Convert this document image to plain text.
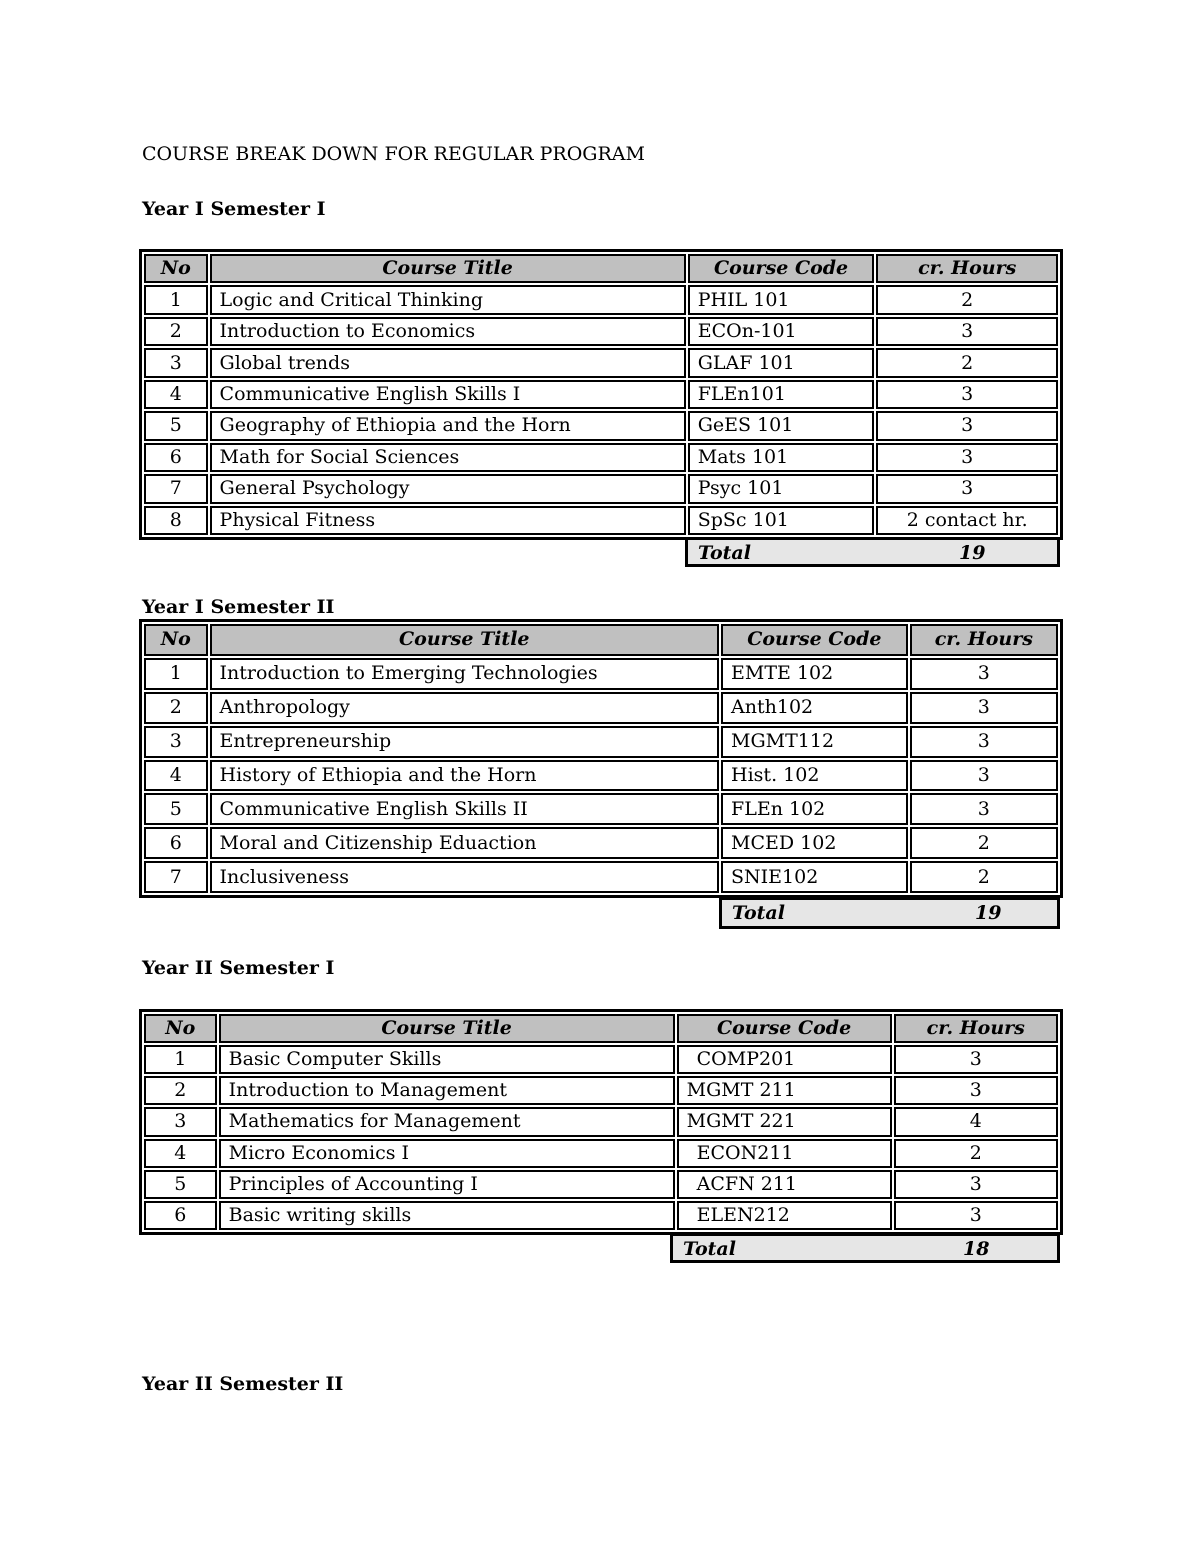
COURSE BREAK DOWN FOR REGULAR PROGRAM
Year I Semester I
No	Course Title	Course Code	cr. Hours
1	Logic and Critical Thinking	PHIL 101	2
2	Introduction to Economics	ECOn-101	3
3	Global trends	GLAF 101	2
4	Communicative English Skills I	FLEn101	3
5	Geography of Ethiopia and the Horn	GeES 101	3
6	Math for Social Sciences	Mats 101	3
7	General Psychology	Psyc 101	3
8	Physical Fitness	SpSc 101	2 contact hr.
Total	19
Year I Semester II
No	Course Title	Course Code	cr. Hours
1	Introduction to Emerging Technologies	EMTE 102	3
2	Anthropology	Anth102	3
3	Entrepreneurship	MGMT112	3
4	History of Ethiopia and the Horn	Hist. 102	3
5	Communicative English Skills II	FLEn 102	3
6	Moral and Citizenship Eduaction	MCED 102	2
7	Inclusiveness	SNIE102	2
Total	19
Year II Semester I
No	Course Title	Course Code	cr. Hours
1	Basic Computer Skills	COMP201	3
2	Introduction to Management	MGMT 211	3
3	Mathematics for Management	MGMT 221	4
4	Micro Economics I	ECON211	2
5	Principles of Accounting I	ACFN 211	3
6	Basic writing skills	ELEN212	3
Total	18
Year II Semester II
